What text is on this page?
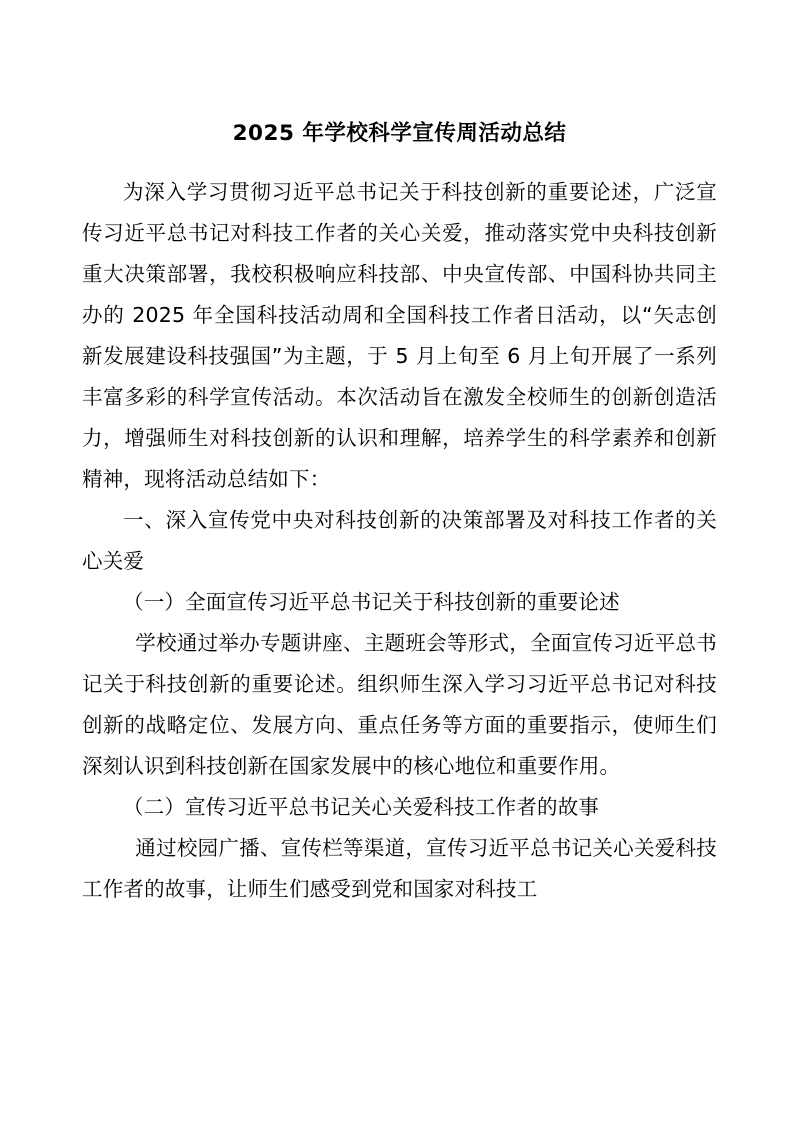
2025 年学校科学宣传周活动总结

为深入学习贯彻习近平总书记关于科技创新的重要论述，广泛宣传习近平总书记对科技工作者的关心关爱，推动落实党中央科技创新重大决策部署，我校积极响应科技部、中央宣传部、中国科协共同主办的 2025 年全国科技活动周和全国科技工作者日活动，以“矢志创新发展建设科技强国”为主题，于 5 月上旬至 6 月上旬开展了一系列丰富多彩的科学宣传活动。本次活动旨在激发全校师生的创新创造活力，增强师生对科技创新的认识和理解，培养学生的科学素养和创新精神，现将活动总结如下：

一、深入宣传党中央对科技创新的决策部署及对科技工作者的关心关爱

（一）全面宣传习近平总书记关于科技创新的重要论述

学校通过举办专题讲座、主题班会等形式，全面宣传习近平总书记关于科技创新的重要论述。组织师生深入学习习近平总书记对科技创新的战略定位、发展方向、重点任务等方面的重要指示，使师生们深刻认识到科技创新在国家发展中的核心地位和重要作用。

（二）宣传习近平总书记关心关爱科技工作者的故事

通过校园广播、宣传栏等渠道，宣传习近平总书记关心关爱科技工作者的故事，让师生们感受到党和国家对科技工
